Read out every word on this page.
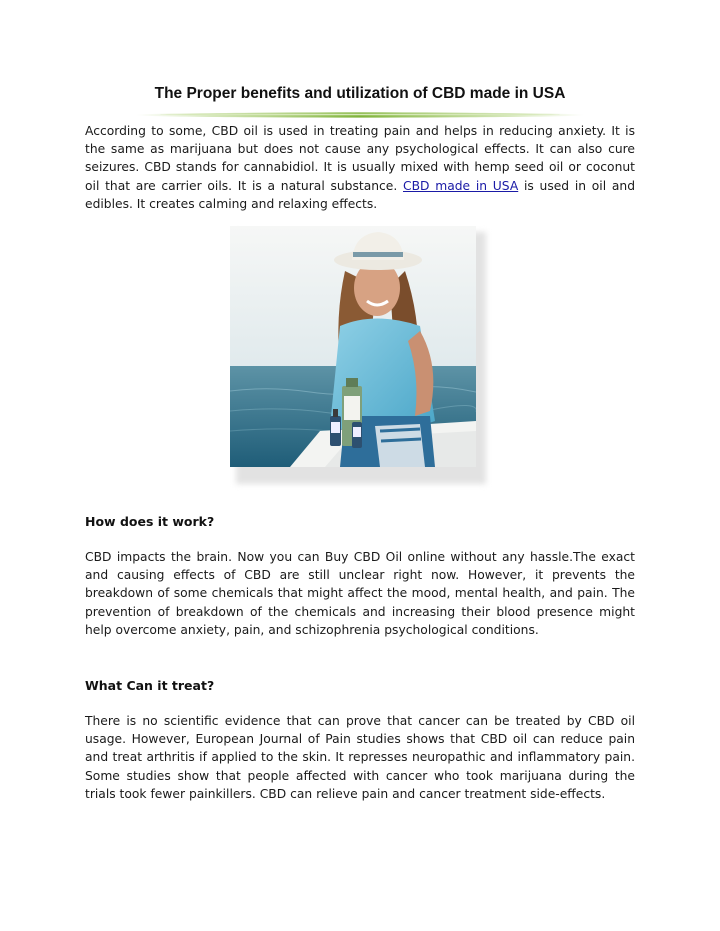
The Proper benefits and utilization of CBD made in USA

According to some, CBD oil is used in treating pain and helps in reducing anxiety. It is the same as marijuana but does not cause any psychological effects. It can also cure seizures. CBD stands for cannabidiol. It is usually mixed with hemp seed oil or coconut oil that are carrier oils. It is a natural substance. CBD made in USA is used in oil and edibles. It creates calming and relaxing effects.

How does it work?

CBD impacts the brain. Now you can Buy CBD Oil online without any hassle.The exact and causing effects of CBD are still unclear right now. However, it prevents the breakdown of some chemicals that might affect the mood, mental health, and pain. The prevention of breakdown of the chemicals and increasing their blood presence might help overcome anxiety, pain, and schizophrenia psychological conditions.

What Can it treat?

There is no scientific evidence that can prove that cancer can be treated by CBD oil usage. However, European Journal of Pain studies shows that CBD oil can reduce pain and treat arthritis if applied to the skin. It represses neuropathic and inflammatory pain. Some studies show that people affected with cancer who took marijuana during the trials took fewer painkillers. CBD can relieve pain and cancer treatment side-effects.
